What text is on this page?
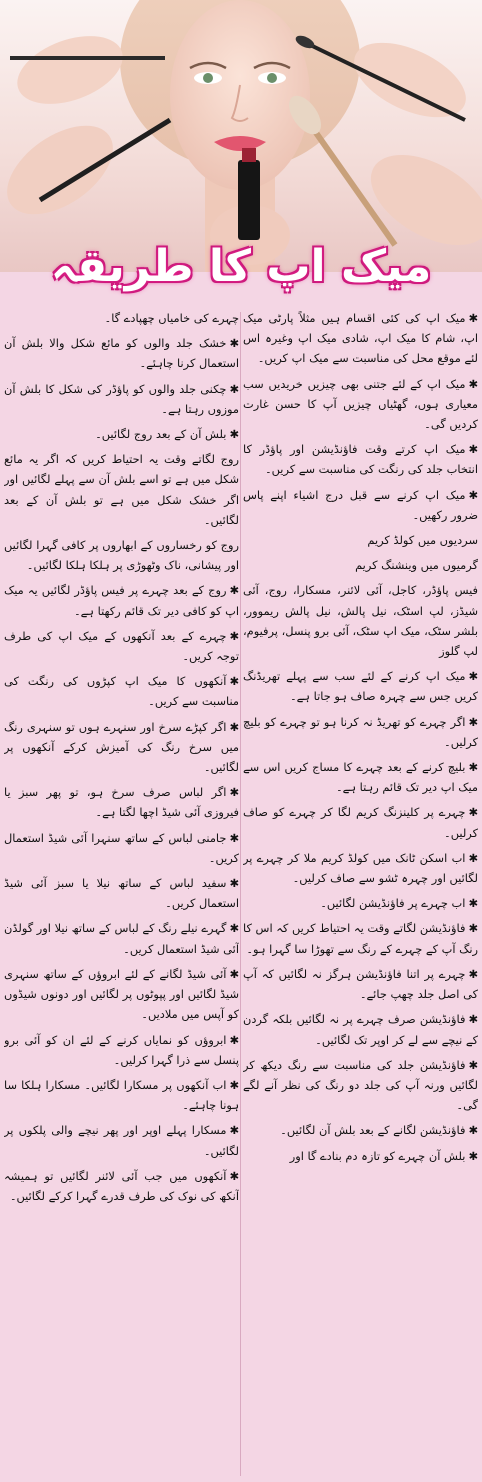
میک اپ کا طریقہ

✱میک اپ کی کئی اقسام ہیں مثلاً پارٹی میک اپ، شام کا میک اپ، شادی میک اپ وغیرہ اس لئے موقع محل کی مناسبت سے میک اپ کریں۔

✱میک اپ کے لئے جتنی بھی چیزیں خریدیں سب معیاری ہوں، گھٹیاں چیزیں آپ کا حسن غارت کردیں گی۔

✱میک اپ کرتے وقت فاؤنڈیشن اور پاؤڈر کا انتخاب جلد کی رنگت کی مناسبت سے کریں۔

✱میک اپ کرنے سے قبل درج اشیاء اپنے پاس ضرور رکھیں۔

سردیوں میں کولڈ کریم

گرمیوں میں وینشنگ کریم

فیس پاؤڈر، کاجل، آئی لائنر، مسکارا، روج، آئی شیڈز، لپ اسٹک، نیل پالش، نیل پالش ریموور، بلشر سٹک، میک اپ سٹک، آئی برو پنسل، پرفیوم، لپ گلوز

✱میک اپ کرنے کے لئے سب سے پہلے تھریڈنگ کریں جس سے چہرہ صاف ہو جاتا ہے۔

✱اگر چہرے کو تھریڈ نہ کرنا ہو تو چہرے کو بلیچ کرلیں۔

✱بلیچ کرنے کے بعد چہرے کا مساج کریں اس سے میک اپ دیر تک قائم رہتا ہے۔

✱چہرے پر کلینزنگ کریم لگا کر چہرے کو صاف کرلیں۔

✱اب اسکن ٹانک میں کولڈ کریم ملا کر چہرے پر لگائیں اور چہرہ ٹشو سے صاف کرلیں۔

✱اب چہرے پر فاؤنڈیشن لگائیں۔

✱فاؤنڈیشن لگاتے وقت یہ احتیاط کریں کہ اس کا رنگ آپ کے چہرے کے رنگ سے تھوڑا سا گہرا ہو۔

✱چہرے پر اتنا فاؤنڈیشن ہرگز نہ لگائیں کہ آپ کی اصل جلد چھپ جائے۔

✱فاؤنڈیشن صرف چہرے پر نہ لگائیں بلکہ گردن کے نیچے سے لے کر اوپر تک لگائیں۔

✱فاؤنڈیشن جلد کی مناسبت سے رنگ دیکھ کر لگائیں ورنہ آپ کی جلد دو رنگ کی نظر آنے لگے گی۔

✱فاؤنڈیشن لگانے کے بعد بلش آن لگائیں۔

✱بلش آن چہرے کو تازہ دم بنادے گا اور

چہرے کی خامیاں چھپادے گا۔

✱خشک جلد والوں کو مائع شکل والا بلش آن استعمال کرنا چاہئے۔

✱چکنی جلد والوں کو پاؤڈر کی شکل کا بلش آن موزوں رہتا ہے۔

✱بلش آن کے بعد روج لگائیں۔

روج لگاتے وقت یہ احتیاط کریں کہ اگر یہ مائع شکل میں ہے تو اسے بلش آن سے پہلے لگائیں اور اگر خشک شکل میں ہے تو بلش آن کے بعد لگائیں۔

روج کو رخساروں کے ابھاروں پر کافی گہرا لگائیں اور پیشانی، ناک وٹھوڑی پر ہلکا ہلکا لگائیں۔

✱روج کے بعد چہرے پر فیس پاؤڈر لگائیں یہ میک اپ کو کافی دیر تک قائم رکھتا ہے۔

✱چہرے کے بعد آنکھوں کے میک اپ کی طرف توجہ کریں۔

✱آنکھوں کا میک اپ کپڑوں کی رنگت کی مناسبت سے کریں۔

✱اگر کپڑے سرخ اور سنہرے ہوں تو سنہری رنگ میں سرخ رنگ کی آمیزش کرکے آنکھوں پر لگائیں۔

✱اگر لباس صرف سرخ ہو، تو پھر سبز یا فیروزی آئی شیڈ اچھا لگتا ہے۔

✱جامنی لباس کے ساتھ سنہرا آئی شیڈ استعمال کریں۔

✱سفید لباس کے ساتھ نیلا یا سبز آئی شیڈ استعمال کریں۔

✱گہرے نیلے رنگ کے لباس کے ساتھ نیلا اور گولڈن آئی شیڈ استعمال کریں۔

✱آئی شیڈ لگانے کے لئے ابروؤں کے ساتھ سنہری شیڈ لگائیں اور پپوٹوں پر لگائیں اور دونوں شیڈوں کو آپس میں ملادیں۔

✱ابروؤں کو نمایاں کرنے کے لئے ان کو آئی برو پنسل سے ذرا گہرا کرلیں۔

✱اب آنکھوں پر مسکارا لگائیں۔ مسکارا ہلکا سا ہونا چاہئے۔

✱مسکارا پہلے اوپر اور پھر نیچے والی پلکوں پر لگائیں۔

✱آنکھوں میں جب آئی لائنر لگائیں تو ہمیشہ آنکھ کی نوک کی طرف قدرے گہرا کرکے لگائیں۔
